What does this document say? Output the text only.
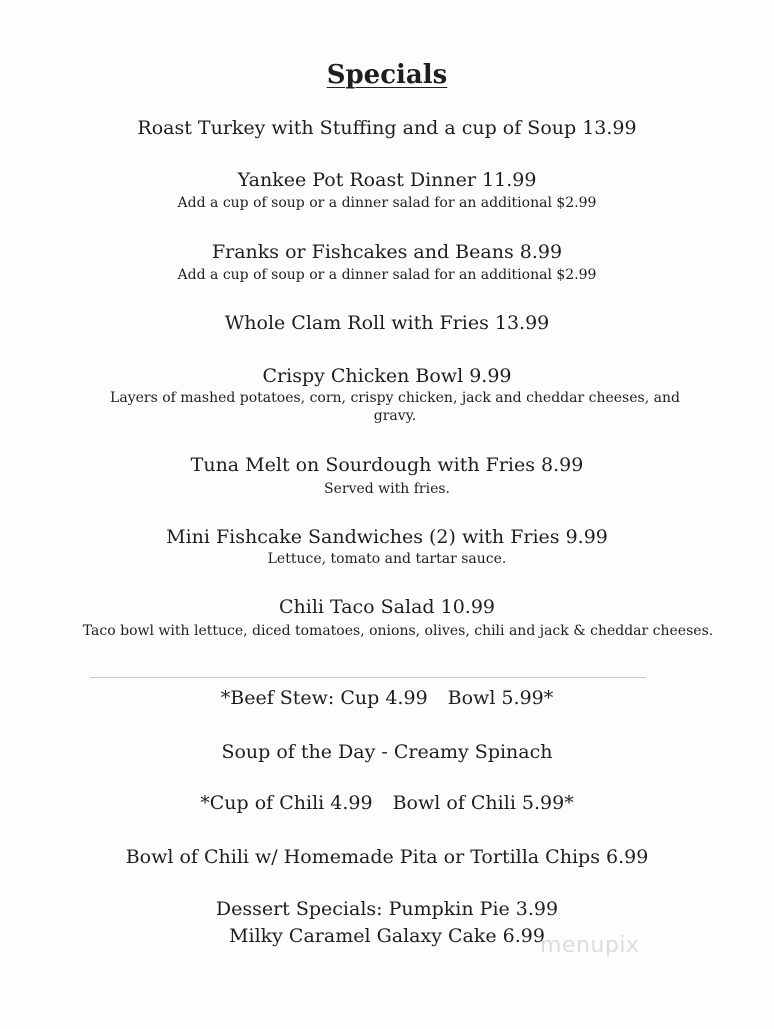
Specials

Roast Turkey with Stuffing and a cup of Soup 13.99

Yankee Pot Roast Dinner 11.99

Add a cup of soup or a dinner salad for an additional $2.99

Franks or Fishcakes and Beans 8.99

Add a cup of soup or a dinner salad for an additional $2.99

Whole Clam Roll with Fries 13.99

Crispy Chicken Bowl 9.99

Layers of mashed potatoes, corn, crispy chicken, jack and cheddar cheeses, and gravy.

Tuna Melt on Sourdough with Fries 8.99

Served with fries.

Mini Fishcake Sandwiches (2) with Fries 9.99

Lettuce, tomato and tartar sauce.

Chili Taco Salad 10.99

Taco bowl with lettuce, diced tomatoes, onions, olives, chili and jack & cheddar cheeses.

*Beef Stew: Cup 4.99 Bowl 5.99*

Soup of the Day - Creamy Spinach

*Cup of Chili 4.99 Bowl of Chili 5.99*

Bowl of Chili w/ Homemade Pita or Tortilla Chips 6.99

Dessert Specials: Pumpkin Pie 3.99

Milky Caramel Galaxy Cake 6.99

menupix
